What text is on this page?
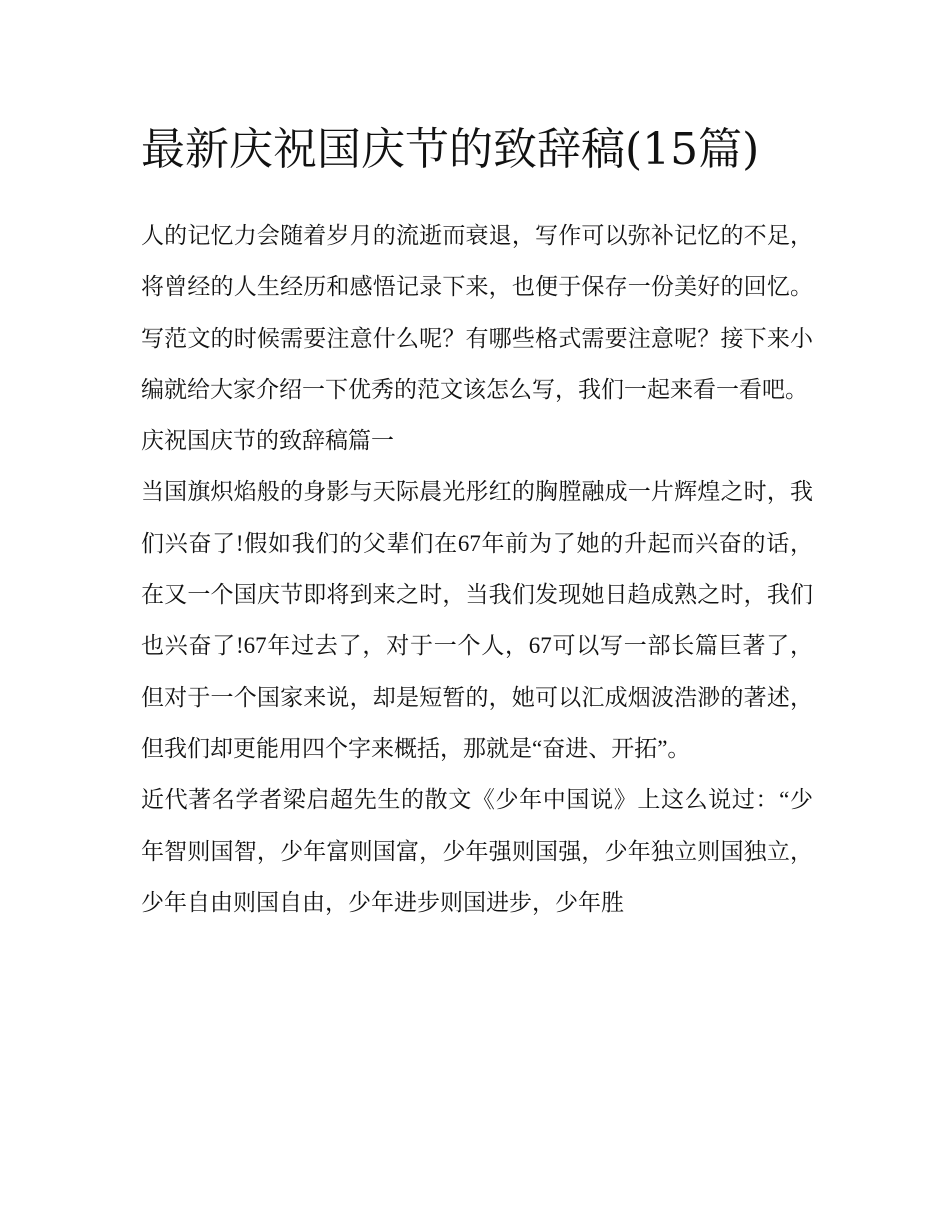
最新庆祝国庆节的致辞稿(15篇)

人的记忆力会随着岁月的流逝而衰退，写作可以弥补记忆的不足，将曾经的人生经历和感悟记录下来，也便于保存一份美好的回忆。写范文的时候需要注意什么呢？有哪些格式需要注意呢？接下来小编就给大家介绍一下优秀的范文该怎么写，我们一起来看一看吧。

庆祝国庆节的致辞稿篇一

当国旗炽焰般的身影与天际晨光彤红的胸膛融成一片辉煌之时，我们兴奋了!假如我们的父辈们在67年前为了她的升起而兴奋的话，在又一个国庆节即将到来之时，当我们发现她日趋成熟之时，我们也兴奋了!67年过去了，对于一个人，67可以写一部长篇巨著了，但对于一个国家来说，却是短暂的，她可以汇成烟波浩渺的著述，但我们却更能用四个字来概括，那就是“奋进、开拓”。

近代著名学者梁启超先生的散文《少年中国说》上这么说过：“少年智则国智，少年富则国富，少年强则国强，少年独立则国独立，少年自由则国自由，少年进步则国进步，少年胜
